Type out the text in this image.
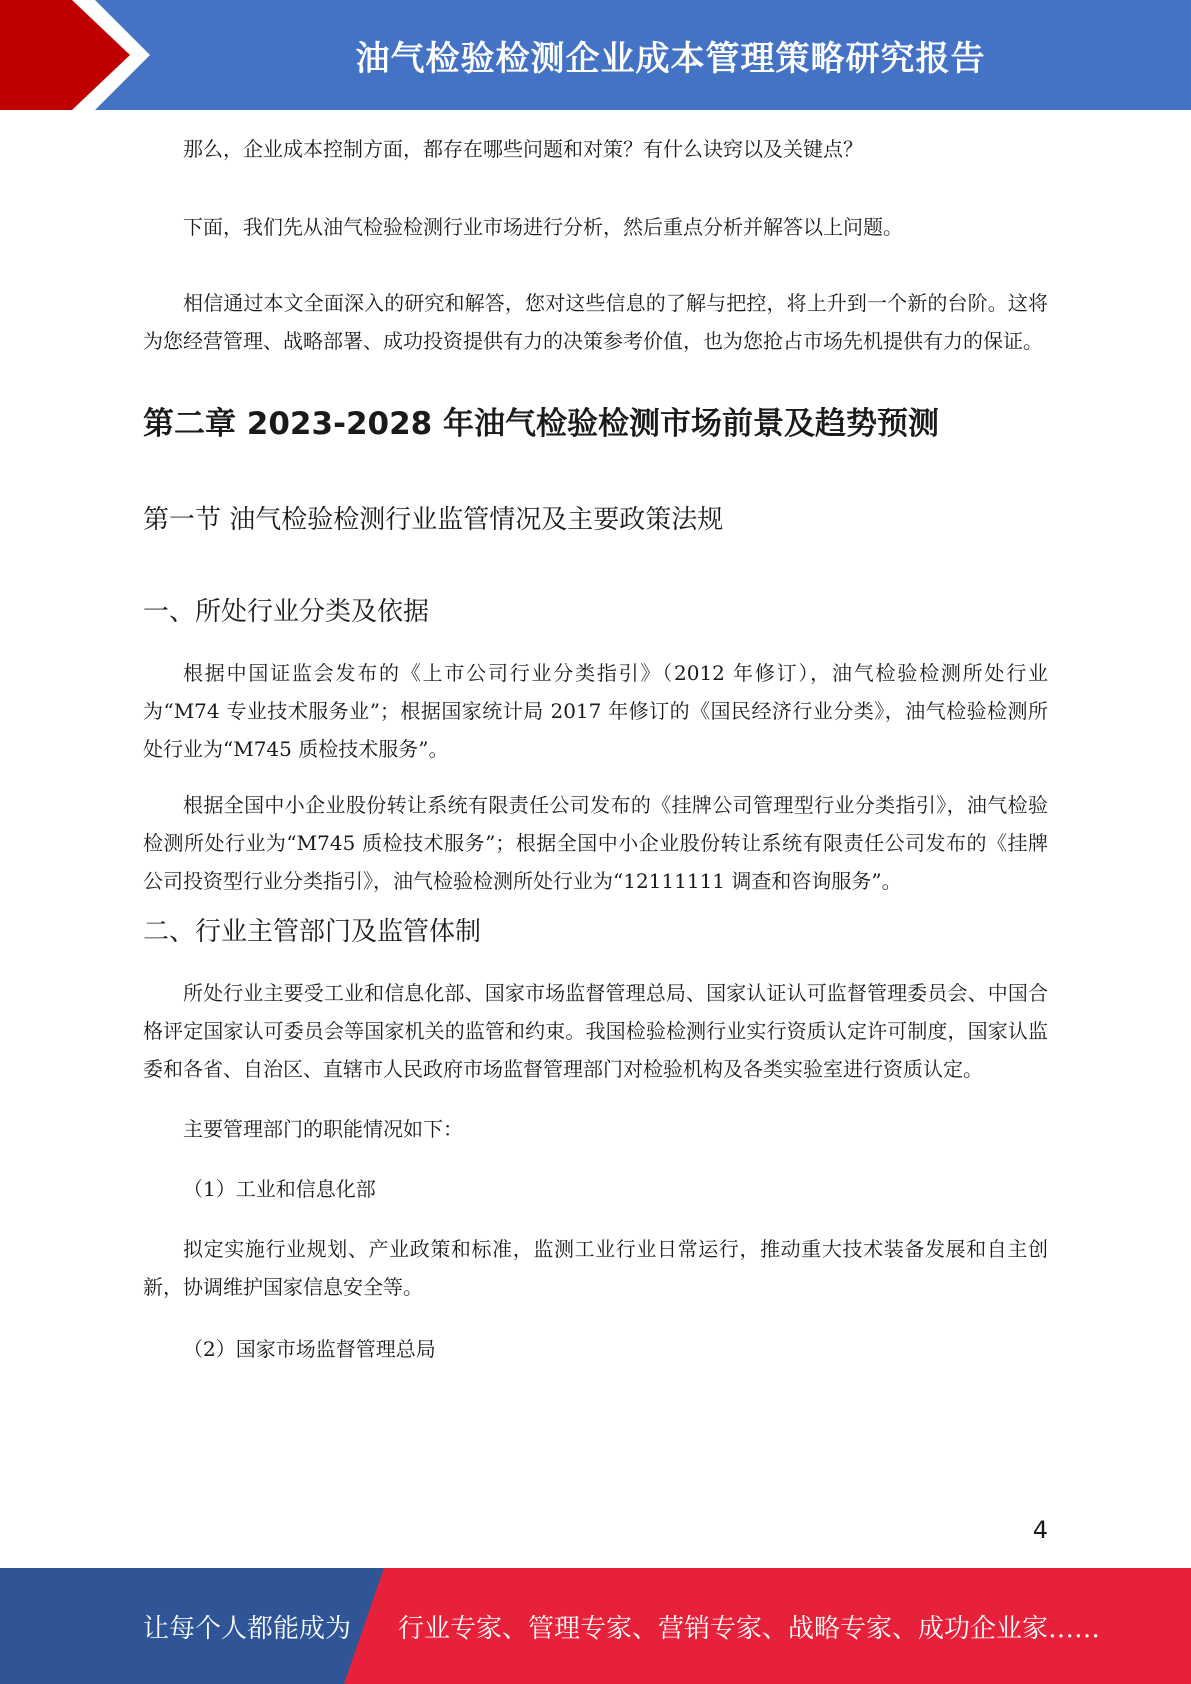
油气检验检测企业成本管理策略研究报告

那么，企业成本控制方面，都存在哪些问题和对策？有什么诀窍以及关键点？

下面，我们先从油气检验检测行业市场进行分析，然后重点分析并解答以上问题。

相信通过本文全面深入的研究和解答，您对这些信息的了解与把控，将上升到一个新的台阶。这将为您经营管理、战略部署、成功投资提供有力的决策参考价值，也为您抢占市场先机提供有力的保证。

第二章 2023-2028 年油气检验检测市场前景及趋势预测
第一节 油气检验检测行业监管情况及主要政策法规
一、所处行业分类及依据

根据中国证监会发布的《上市公司行业分类指引》（2012 年修订），油气检验检测所处行业为“M74 专业技术服务业”；根据国家统计局 2017 年修订的《国民经济行业分类》，油气检验检测所处行业为“M745 质检技术服务”。

根据全国中小企业股份转让系统有限责任公司发布的《挂牌公司管理型行业分类指引》，油气检验检测所处行业为“M745 质检技术服务”；根据全国中小企业股份转让系统有限责任公司发布的《挂牌公司投资型行业分类指引》，油气检验检测所处行业为“12111111 调查和咨询服务”。

二、行业主管部门及监管体制

所处行业主要受工业和信息化部、国家市场监督管理总局、国家认证认可监督管理委员会、中国合格评定国家认可委员会等国家机关的监管和约束。我国检验检测行业实行资质认定许可制度，国家认监委和各省、自治区、直辖市人民政府市场监督管理部门对检验机构及各类实验室进行资质认定。

主要管理部门的职能情况如下：

（1）工业和信息化部

拟定实施行业规划、产业政策和标准，监测工业行业日常运行，推动重大技术装备发展和自主创新，协调维护国家信息安全等。

（2）国家市场监督管理总局

4
让每个人都能成为 行业专家、管理专家、营销专家、战略专家、成功企业家……
